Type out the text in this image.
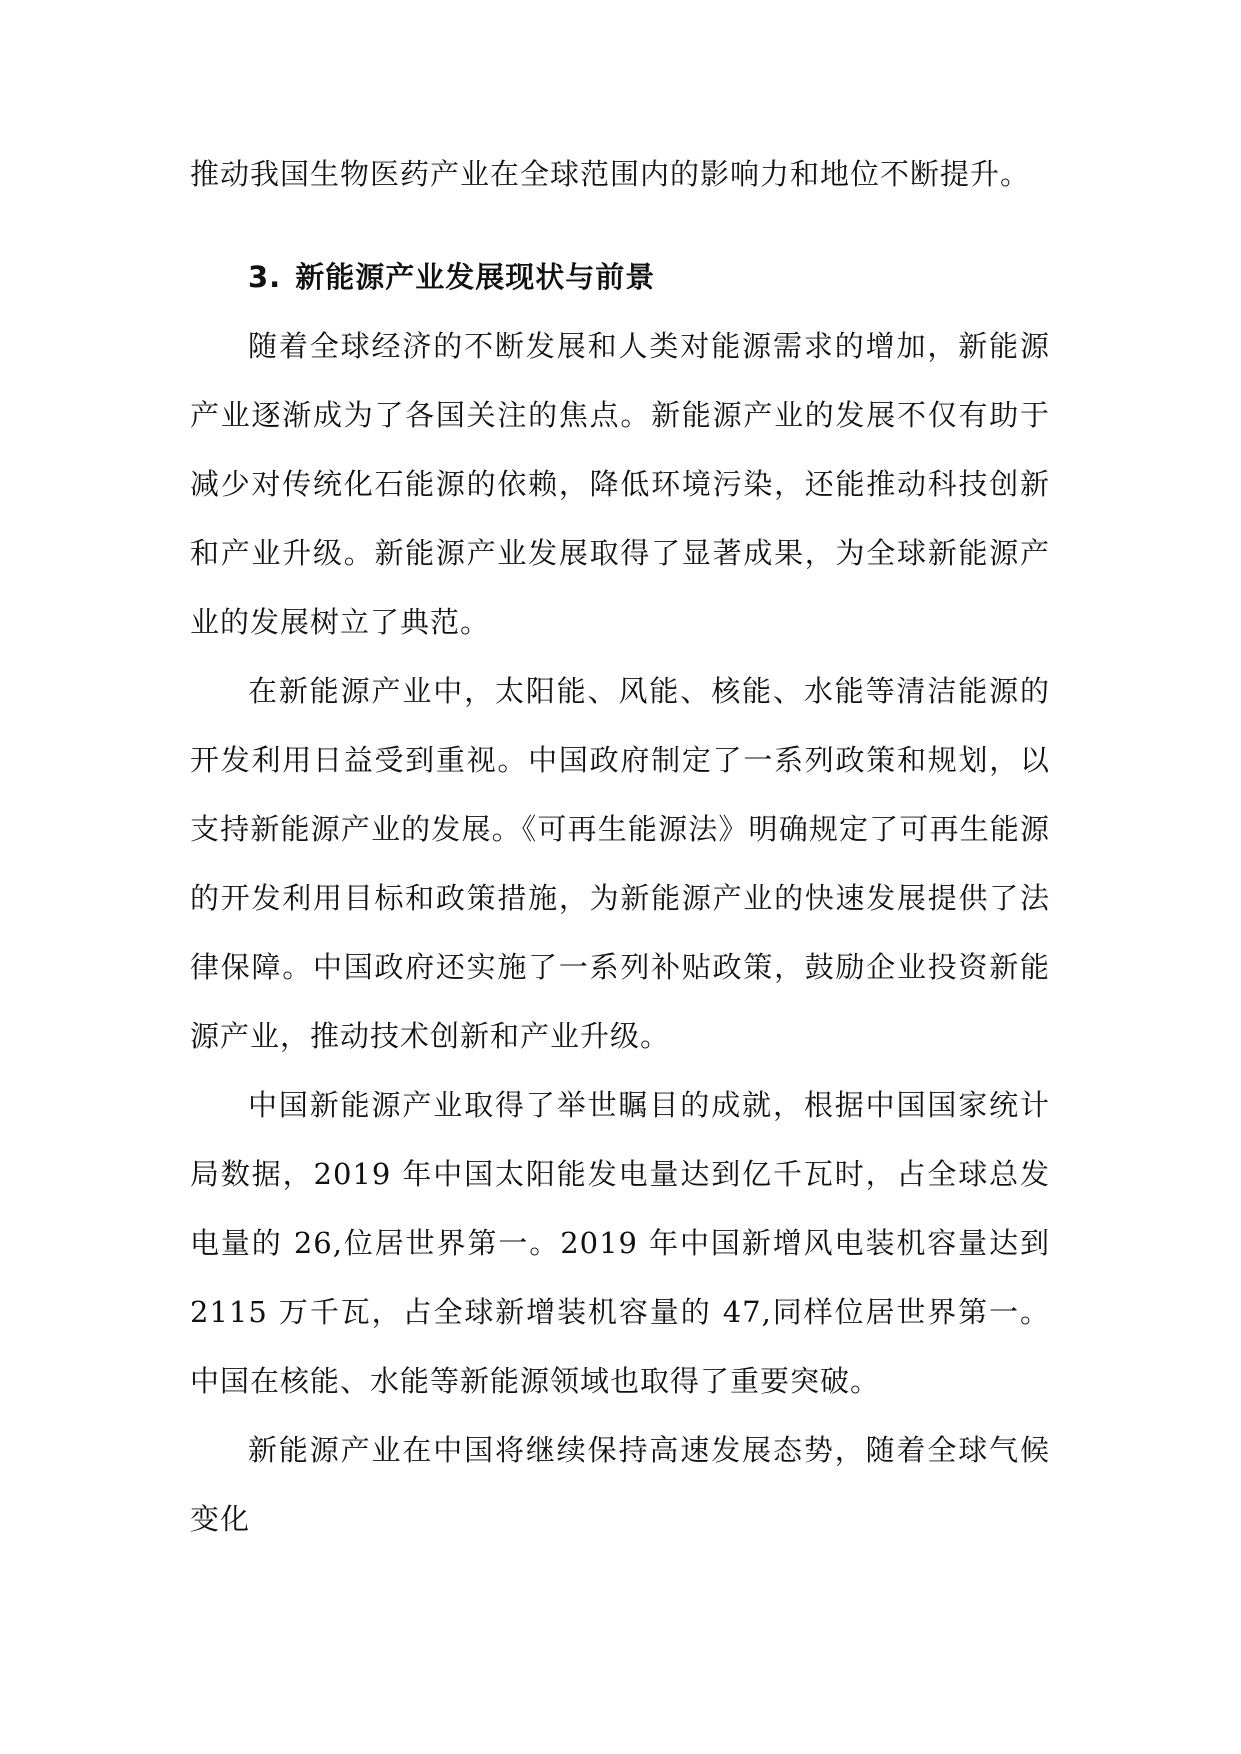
推动我国生物医药产业在全球范围内的影响力和地位不断提升。

3. 新能源产业发展现状与前景

随着全球经济的不断发展和人类对能源需求的增加，新能源产业逐渐成为了各国关注的焦点。新能源产业的发展不仅有助于减少对传统化石能源的依赖，降低环境污染，还能推动科技创新和产业升级。新能源产业发展取得了显著成果，为全球新能源产业的发展树立了典范。

在新能源产业中，太阳能、风能、核能、水能等清洁能源的开发利用日益受到重视。中国政府制定了一系列政策和规划，以支持新能源产业的发展。《可再生能源法》明确规定了可再生能源的开发利用目标和政策措施，为新能源产业的快速发展提供了法律保障。中国政府还实施了一系列补贴政策，鼓励企业投资新能源产业，推动技术创新和产业升级。

中国新能源产业取得了举世瞩目的成就，根据中国国家统计局数据，2019 年中国太阳能发电量达到亿千瓦时，占全球总发电量的 26,位居世界第一。2019 年中国新增风电装机容量达到 2115 万千瓦，占全球新增装机容量的 47,同样位居世界第一。中国在核能、水能等新能源领域也取得了重要突破。

新能源产业在中国将继续保持高速发展态势，随着全球气候变化
